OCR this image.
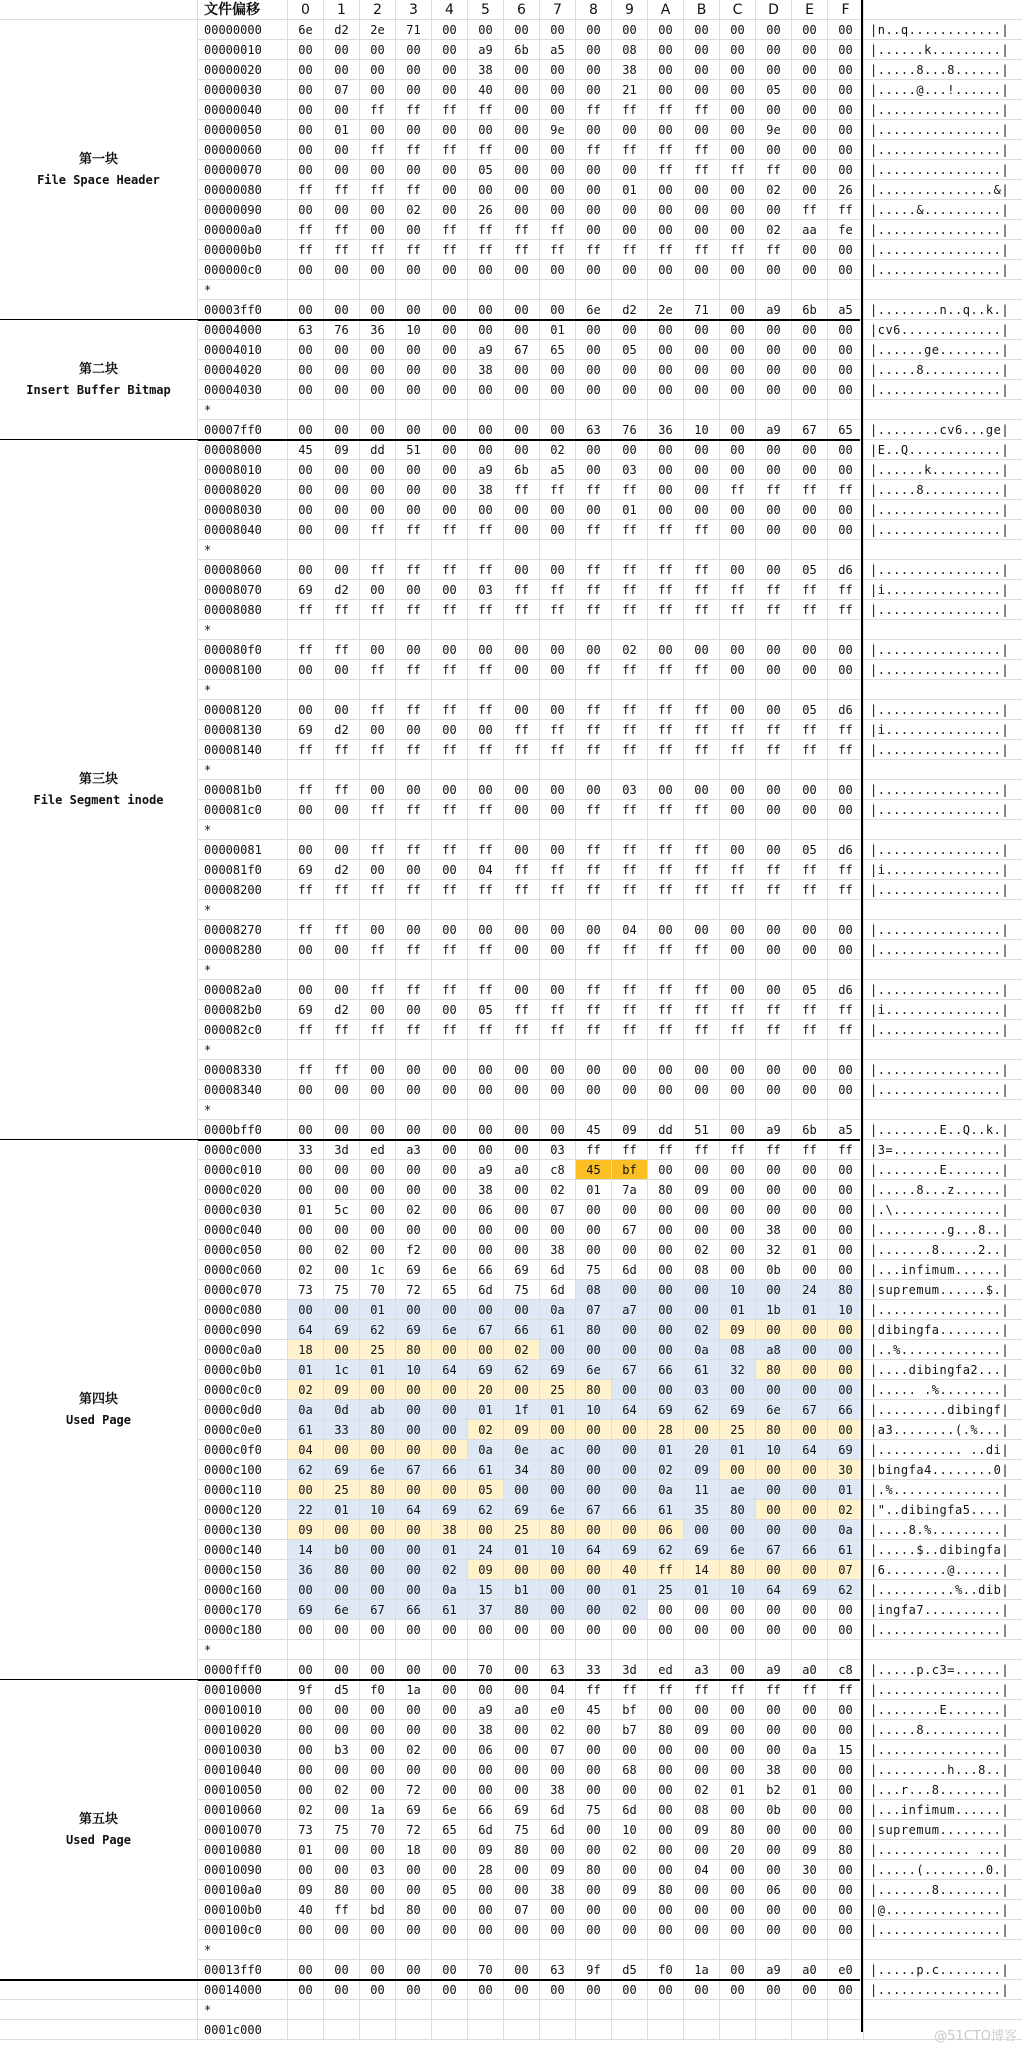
文件偏移	0	1	2	3	4	5	6	7	8	9	A	B	C	D	E	F
00000000	6e	d2	2e	71	00	00	00	00	00	00	00	00	00	00	00	00	|n..q............|
00000010	00	00	00	00	00	a9	6b	a5	00	08	00	00	00	00	00	00	|......k.........|
00000020	00	00	00	00	00	38	00	00	00	38	00	00	00	00	00	00	|.....8...8......|
00000030	00	07	00	00	00	40	00	00	00	21	00	00	00	05	00	00	|.....@...!......|
00000040	00	00	ff	ff	ff	ff	00	00	ff	ff	ff	ff	00	00	00	00	|................|
00000050	00	01	00	00	00	00	00	9e	00	00	00	00	00	9e	00	00	|................|
00000060	00	00	ff	ff	ff	ff	00	00	ff	ff	ff	ff	00	00	00	00	|................|
00000070	00	00	00	00	00	05	00	00	00	00	ff	ff	ff	ff	00	00	|................|
00000080	ff	ff	ff	ff	00	00	00	00	00	01	00	00	00	02	00	26	|...............&|
00000090	00	00	00	02	00	26	00	00	00	00	00	00	00	00	ff	ff	|.....&..........|
000000a0	ff	ff	00	00	ff	ff	ff	ff	00	00	00	00	00	02	aa	fe	|................|
000000b0	ff	ff	ff	ff	ff	ff	ff	ff	ff	ff	ff	ff	ff	ff	00	00	|................|
000000c0	00	00	00	00	00	00	00	00	00	00	00	00	00	00	00	00	|................|
*
00003ff0	00	00	00	00	00	00	00	00	6e	d2	2e	71	00	a9	6b	a5	|........n..q..k.|
00004000	63	76	36	10	00	00	00	01	00	00	00	00	00	00	00	00	|cv6.............|
00004010	00	00	00	00	00	a9	67	65	00	05	00	00	00	00	00	00	|......ge........|
00004020	00	00	00	00	00	38	00	00	00	00	00	00	00	00	00	00	|.....8..........|
00004030	00	00	00	00	00	00	00	00	00	00	00	00	00	00	00	00	|................|
*
00007ff0	00	00	00	00	00	00	00	00	63	76	36	10	00	a9	67	65	|........cv6...ge|
00008000	45	09	dd	51	00	00	00	02	00	00	00	00	00	00	00	00	|E..Q............|
00008010	00	00	00	00	00	a9	6b	a5	00	03	00	00	00	00	00	00	|......k.........|
00008020	00	00	00	00	00	38	ff	ff	ff	ff	00	00	ff	ff	ff	ff	|.....8..........|
00008030	00	00	00	00	00	00	00	00	00	01	00	00	00	00	00	00	|................|
00008040	00	00	ff	ff	ff	ff	00	00	ff	ff	ff	ff	00	00	00	00	|................|
*
00008060	00	00	ff	ff	ff	ff	00	00	ff	ff	ff	ff	00	00	05	d6	|................|
00008070	69	d2	00	00	00	03	ff	ff	ff	ff	ff	ff	ff	ff	ff	ff	|i...............|
00008080	ff	ff	ff	ff	ff	ff	ff	ff	ff	ff	ff	ff	ff	ff	ff	ff	|................|
*
000080f0	ff	ff	00	00	00	00	00	00	00	02	00	00	00	00	00	00	|................|
00008100	00	00	ff	ff	ff	ff	00	00	ff	ff	ff	ff	00	00	00	00	|................|
*
00008120	00	00	ff	ff	ff	ff	00	00	ff	ff	ff	ff	00	00	05	d6	|................|
00008130	69	d2	00	00	00	00	ff	ff	ff	ff	ff	ff	ff	ff	ff	ff	|i...............|
00008140	ff	ff	ff	ff	ff	ff	ff	ff	ff	ff	ff	ff	ff	ff	ff	ff	|................|
*
000081b0	ff	ff	00	00	00	00	00	00	00	03	00	00	00	00	00	00	|................|
000081c0	00	00	ff	ff	ff	ff	00	00	ff	ff	ff	ff	00	00	00	00	|................|
*
00000081	00	00	ff	ff	ff	ff	00	00	ff	ff	ff	ff	00	00	05	d6	|................|
000081f0	69	d2	00	00	00	04	ff	ff	ff	ff	ff	ff	ff	ff	ff	ff	|i...............|
00008200	ff	ff	ff	ff	ff	ff	ff	ff	ff	ff	ff	ff	ff	ff	ff	ff	|................|
*
00008270	ff	ff	00	00	00	00	00	00	00	04	00	00	00	00	00	00	|................|
00008280	00	00	ff	ff	ff	ff	00	00	ff	ff	ff	ff	00	00	00	00	|................|
*
000082a0	00	00	ff	ff	ff	ff	00	00	ff	ff	ff	ff	00	00	05	d6	|................|
000082b0	69	d2	00	00	00	05	ff	ff	ff	ff	ff	ff	ff	ff	ff	ff	|i...............|
000082c0	ff	ff	ff	ff	ff	ff	ff	ff	ff	ff	ff	ff	ff	ff	ff	ff	|................|
*
00008330	ff	ff	00	00	00	00	00	00	00	00	00	00	00	00	00	00	|................|
00008340	00	00	00	00	00	00	00	00	00	00	00	00	00	00	00	00	|................|
*
0000bff0	00	00	00	00	00	00	00	00	45	09	dd	51	00	a9	6b	a5	|........E..Q..k.|
0000c000	33	3d	ed	a3	00	00	00	03	ff	ff	ff	ff	ff	ff	ff	ff	|3=..............|
0000c010	00	00	00	00	00	a9	a0	c8	45	bf	00	00	00	00	00	00	|........E.......|
0000c020	00	00	00	00	00	38	00	02	01	7a	80	09	00	00	00	00	|.....8...z......|
0000c030	01	5c	00	02	00	06	00	07	00	00	00	00	00	00	00	00	|.\..............|
0000c040	00	00	00	00	00	00	00	00	00	67	00	00	00	38	00	00	|.........g...8..|
0000c050	00	02	00	f2	00	00	00	38	00	00	00	02	00	32	01	00	|.......8.....2..|
0000c060	02	00	1c	69	6e	66	69	6d	75	6d	00	08	00	0b	00	00	|...infimum......|
0000c070	73	75	70	72	65	6d	75	6d	08	00	00	00	10	00	24	80	|supremum......$.|
0000c080	00	00	01	00	00	00	00	0a	07	a7	00	00	01	1b	01	10	|................|
0000c090	64	69	62	69	6e	67	66	61	80	00	00	02	09	00	00	00	|dibingfa........|
0000c0a0	18	00	25	80	00	00	02	00	00	00	00	0a	08	a8	00	00	|..%.............|
0000c0b0	01	1c	01	10	64	69	62	69	6e	67	66	61	32	80	00	00	|....dibingfa2...|
0000c0c0	02	09	00	00	00	20	00	25	80	00	00	03	00	00	00	00	|..... .%........|
0000c0d0	0a	0d	ab	00	00	01	1f	01	10	64	69	62	69	6e	67	66	|.........dibingf|
0000c0e0	61	33	80	00	00	02	09	00	00	00	28	00	25	80	00	00	|a3........(.%...|
0000c0f0	04	00	00	00	00	0a	0e	ac	00	00	01	20	01	10	64	69	|........... ..di|
0000c100	62	69	6e	67	66	61	34	80	00	00	02	09	00	00	00	30	|bingfa4........0|
0000c110	00	25	80	00	00	05	00	00	00	00	0a	11	ae	00	00	01	|.%..............|
0000c120	22	01	10	64	69	62	69	6e	67	66	61	35	80	00	00	02	|"..dibingfa5....|
0000c130	09	00	00	00	38	00	25	80	00	00	06	00	00	00	00	0a	|....8.%.........|
0000c140	14	b0	00	00	01	24	01	10	64	69	62	69	6e	67	66	61	|.....$..dibingfa|
0000c150	36	80	00	00	02	09	00	00	00	40	ff	14	80	00	00	07	|6........@......|
0000c160	00	00	00	00	0a	15	b1	00	00	01	25	01	10	64	69	62	|..........%..dib|
0000c170	69	6e	67	66	61	37	80	00	00	02	00	00	00	00	00	00	|ingfa7..........|
0000c180	00	00	00	00	00	00	00	00	00	00	00	00	00	00	00	00	|................|
*
0000fff0	00	00	00	00	00	70	00	63	33	3d	ed	a3	00	a9	a0	c8	|.....p.c3=......|
00010000	9f	d5	f0	1a	00	00	00	04	ff	ff	ff	ff	ff	ff	ff	ff	|................|
00010010	00	00	00	00	00	a9	a0	e0	45	bf	00	00	00	00	00	00	|........E.......|
00010020	00	00	00	00	00	38	00	02	00	b7	80	09	00	00	00	00	|.....8..........|
00010030	00	b3	00	02	00	06	00	07	00	00	00	00	00	00	0a	15	|................|
00010040	00	00	00	00	00	00	00	00	00	68	00	00	00	38	00	00	|.........h...8..|
00010050	00	02	00	72	00	00	00	38	00	00	00	02	01	b2	01	00	|...r...8........|
00010060	02	00	1a	69	6e	66	69	6d	75	6d	00	08	00	0b	00	00	|...infimum......|
00010070	73	75	70	72	65	6d	75	6d	00	10	00	09	80	00	00	00	|supremum........|
00010080	01	00	00	18	00	09	80	00	00	02	00	00	20	00	09	80	|............ ...|
00010090	00	00	03	00	00	28	00	09	80	00	00	04	00	00	30	00	|.....(........0.|
000100a0	09	80	00	00	05	00	00	38	00	09	80	00	00	06	00	00	|.......8........|
000100b0	40	ff	bd	80	00	00	07	00	00	00	00	00	00	00	00	00	|@...............|
000100c0	00	00	00	00	00	00	00	00	00	00	00	00	00	00	00	00	|................|
*
00013ff0	00	00	00	00	00	70	00	63	9f	d5	f0	1a	00	a9	a0	e0	|.....p.c........|
00014000	00	00	00	00	00	00	00	00	00	00	00	00	00	00	00	00	|................|
*
0001c000
第一块
File Space Header
第二块
Insert Buffer Bitmap
第三块
File Segment inode
第四块
Used Page
第五块
Used Page
@51CTO博客
